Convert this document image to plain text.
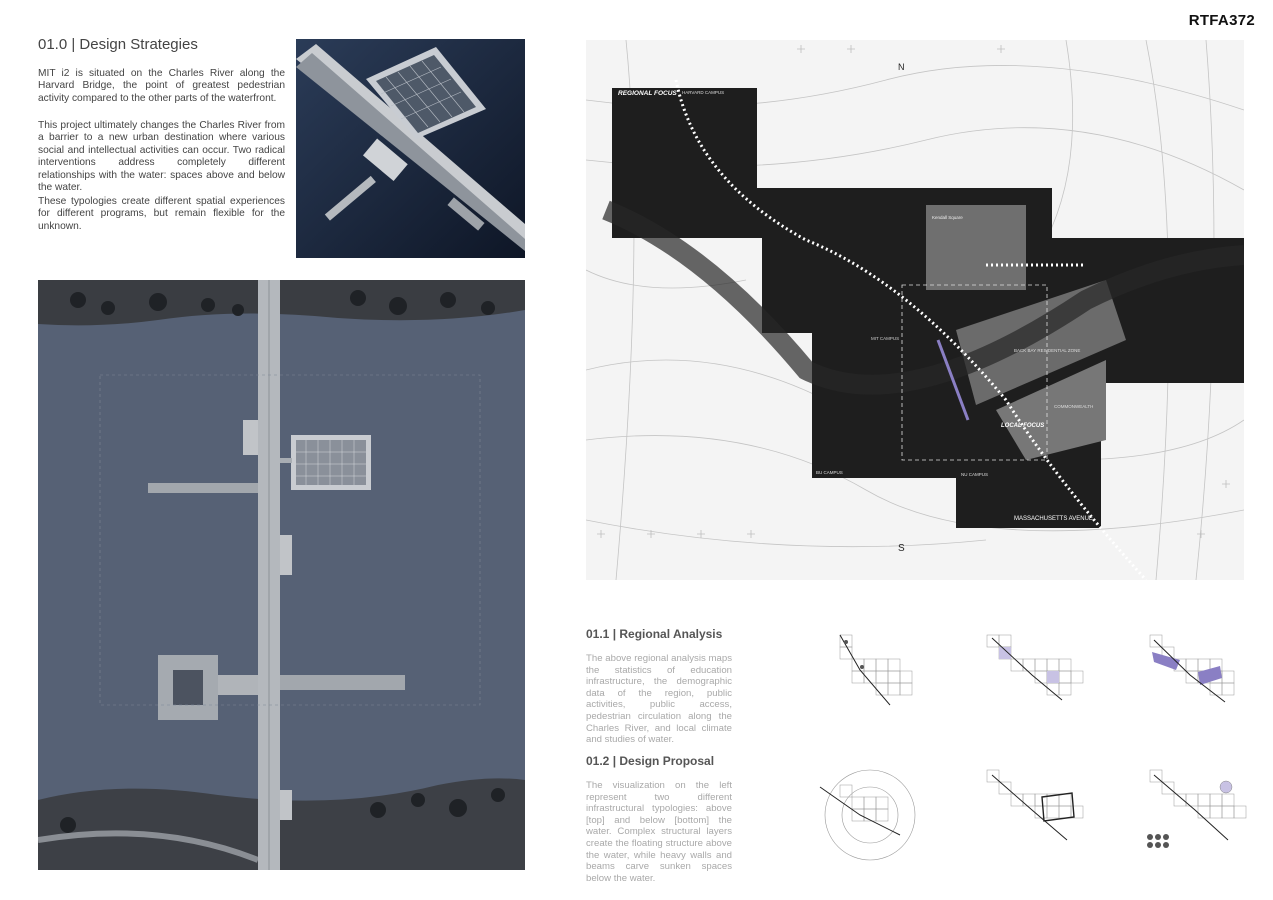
RTFA372
01.0 | Design Strategies

MIT i2 is situated on the Charles River along the Harvard Bridge, the point of greatest pedestrian activity compared to the other parts of the waterfront.

This project ultimately changes the Charles River from a barrier to a new urban destination where various social and intellectual activities can occur. Two radical interventions address completely different relationships with the water: spaces above and below the water.

These typologies create different spatial experiences for different programs, but remain flexible for the unknown.

N
S
REGIONAL FOCUS HARVARD CAMPUS
Kendall Square
MIT CAMPUS
BACK BAY RESIDENTIAL ZONE
COMMONWEALTH
LOCAL FOCUS
BU CAMPUS	NU CAMPUS
MASSACHUSETTS AVENUE
01.1 | Regional Analysis

The above regional analysis maps the statistics of education infrastructure, the demographic data of the region, public activities, public access, pedestrian circulation along the Charles River, and local climate and studies of water.

01.2 | Design Proposal

The visualization on the left represent two different infrastructural typologies: above [top] and below [bottom] the water. Complex structural layers create the floating structure above the water, while heavy walls and beams carve sunken spaces below the water.
